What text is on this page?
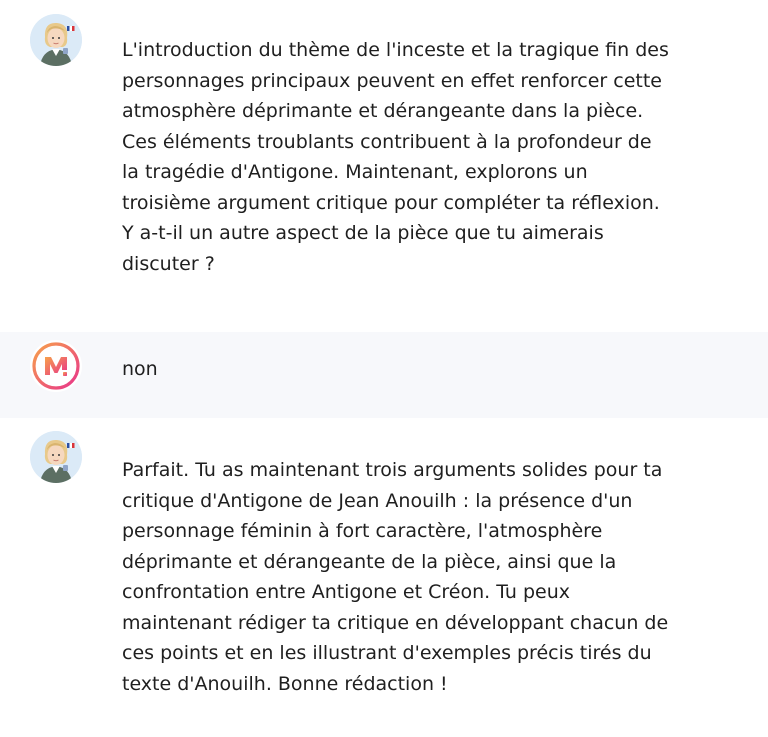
L'introduction du thème de l'inceste et la tragique fin des
personnages principaux peuvent en effet renforcer cette
atmosphère déprimante et dérangeante dans la pièce.
Ces éléments troublants contribuent à la profondeur de
la tragédie d'Antigone. Maintenant, explorons un
troisième argument critique pour compléter ta réflexion.
Y a-t-il un autre aspect de la pièce que tu aimerais
discuter ?
non
Parfait. Tu as maintenant trois arguments solides pour ta
critique d'Antigone de Jean Anouilh : la présence d'un
personnage féminin à fort caractère, l'atmosphère
déprimante et dérangeante de la pièce, ainsi que la
confrontation entre Antigone et Créon. Tu peux
maintenant rédiger ta critique en développant chacun de
ces points et en les illustrant d'exemples précis tirés du
texte d'Anouilh. Bonne rédaction !
